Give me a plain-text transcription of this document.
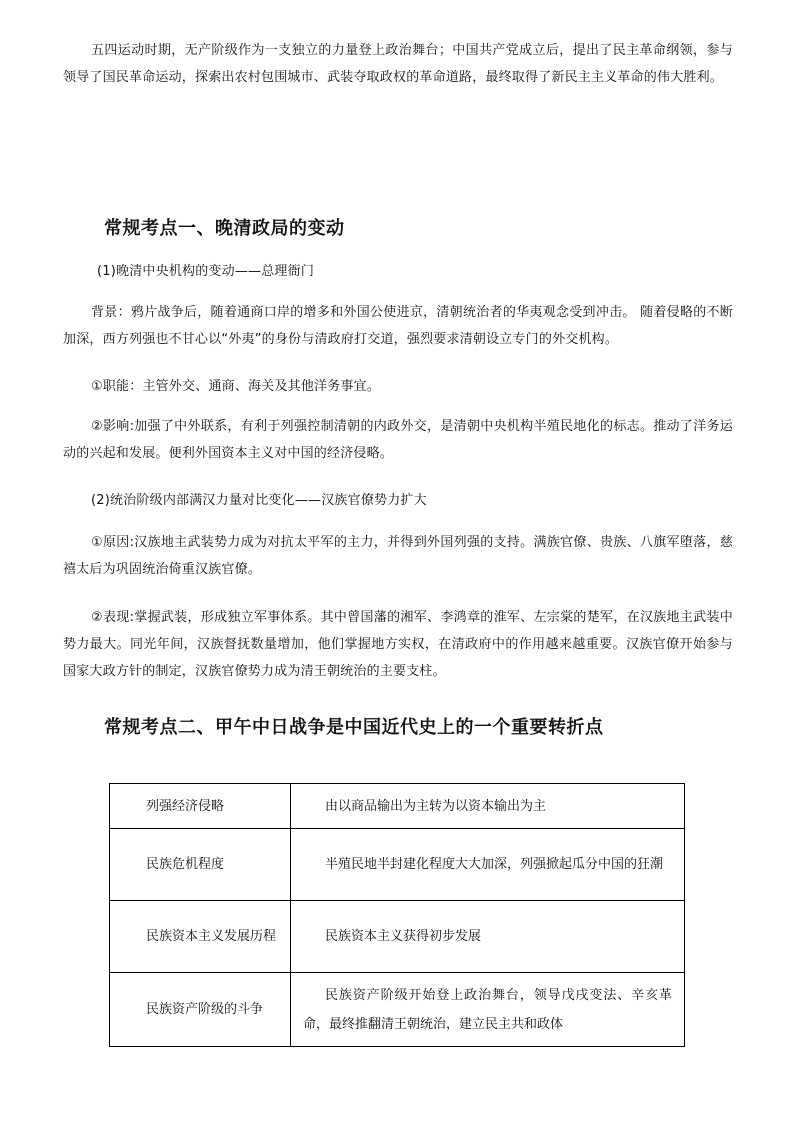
五四运动时期，无产阶级作为一支独立的力量登上政治舞台；中国共产党成立后，提出了民主革命纲领，参与领导了国民革命运动，探索出农村包围城市、武装夺取政权的革命道路，最终取得了新民主主义革命的伟大胜利。

常规考点一、晚清政局的变动

(1)晚清中央机构的变动——总理衙门

背景：鸦片战争后，随着通商口岸的增多和外国公使进京，清朝统治者的华夷观念受到冲击。 随着侵略的不断加深，西方列强也不甘心以“外夷”的身份与清政府打交道，强烈要求清朝设立专门的外交机构。

①职能：主管外交、通商、海关及其他洋务事宜。

②影响:加强了中外联系，有利于列强控制清朝的内政外交，是清朝中央机构半殖民地化的标志。推动了洋务运动的兴起和发展。便利外国资本主义对中国的经济侵略。

(2)统治阶级内部满汉力量对比变化——汉族官僚势力扩大

①原因:汉族地主武装势力成为对抗太平军的主力，并得到外国列强的支持。满族官僚、贵族、八旗军堕落，慈禧太后为巩固统治倚重汉族官僚。

②表现:掌握武装，形成独立军事体系。其中曾国藩的湘军、李鸿章的淮军、左宗棠的楚军，在汉族地主武装中势力最大。同光年间，汉族督抚数量增加，他们掌握地方实权，在清政府中的作用越来越重要。汉族官僚开始参与国家大政方针的制定，汉族官僚势力成为清王朝统治的主要支柱。

常规考点二、甲午中日战争是中国近代史上的一个重要转折点
列强经济侵略	由以商品输出为主转为以资本输出为主
民族危机程度	半殖民地半封建化程度大大加深，列强掀起瓜分中国的狂潮
民族资本主义发展历程	民族资本主义获得初步发展
民族资产阶级的斗争	民族资产阶级开始登上政治舞台，领导戊戌变法、辛亥革命，最终推翻清王朝统治，建立民主共和政体
